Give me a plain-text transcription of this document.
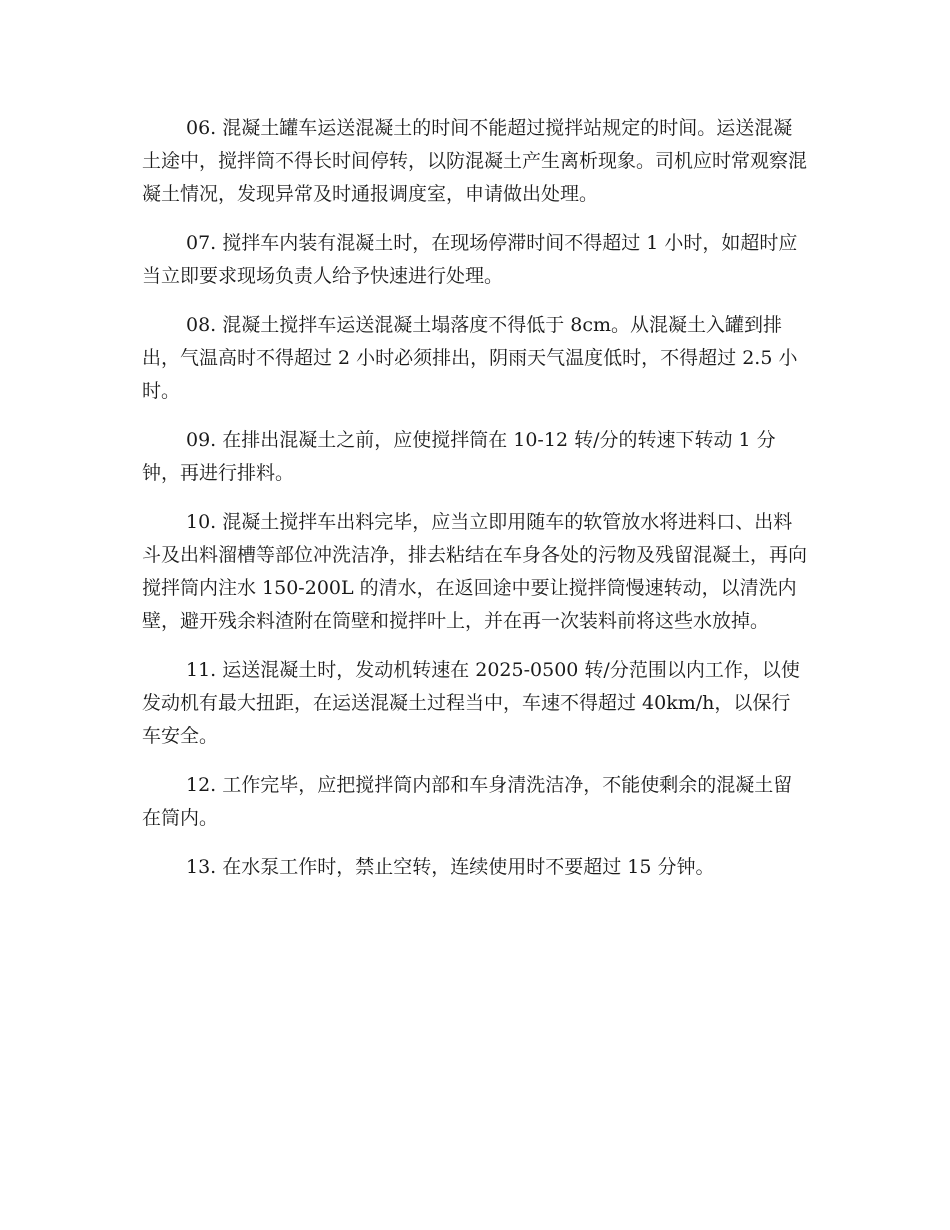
06. 混凝土罐车运送混凝土的时间不能超过搅拌站规定的时间。运送混凝土途中，搅拌筒不得长时间停转，以防混凝土产生离析现象。司机应时常观察混凝土情况，发现异常及时通报调度室，申请做出处理。

07. 搅拌车内装有混凝土时，在现场停滞时间不得超过 1 小时，如超时应当立即要求现场负责人给予快速进行处理。

08. 混凝土搅拌车运送混凝土塌落度不得低于 8cm。从混凝土入罐到排出，气温高时不得超过 2 小时必须排出，阴雨天气温度低时，不得超过 2.5 小时。

09. 在排出混凝土之前，应使搅拌筒在 10-12 转/分的转速下转动 1 分钟，再进行排料。

10. 混凝土搅拌车出料完毕，应当立即用随车的软管放水将进料口、出料斗及出料溜槽等部位冲洗洁净，排去粘结在车身各处的污物及残留混凝土，再向搅拌筒内注水 150-200L 的清水，在返回途中要让搅拌筒慢速转动，以清洗内壁，避开残余料渣附在筒壁和搅拌叶上，并在再一次装料前将这些水放掉。

11. 运送混凝土时，发动机转速在 2025-0500 转/分范围以内工作，以使发动机有最大扭距，在运送混凝土过程当中，车速不得超过 40km/h，以保行车安全。

12. 工作完毕，应把搅拌筒内部和车身清洗洁净，不能使剩余的混凝土留在筒内。

13. 在水泵工作时，禁止空转，连续使用时不要超过 15 分钟。
